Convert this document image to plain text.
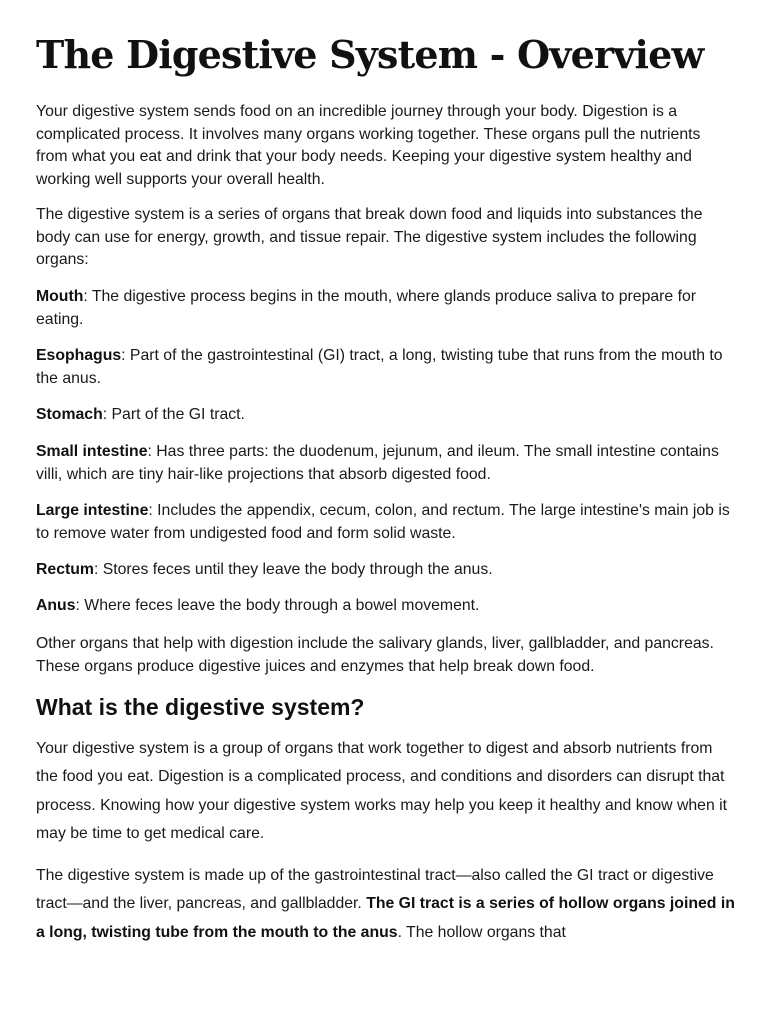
The Digestive System - Overview

Your digestive system sends food on an incredible journey through your body. Digestion is a complicated process. It involves many organs working together. These organs pull the nutrients from what you eat and drink that your body needs. Keeping your digestive system healthy and working well supports your overall health.

The digestive system is a series of organs that break down food and liquids into substances the body can use for energy, growth, and tissue repair. The digestive system includes the following organs:

Mouth: The digestive process begins in the mouth, where glands produce saliva to prepare for eating.

Esophagus: Part of the gastrointestinal (GI) tract, a long, twisting tube that runs from the mouth to the anus.

Stomach: Part of the GI tract.

Small intestine: Has three parts: the duodenum, jejunum, and ileum. The small intestine contains villi, which are tiny hair-like projections that absorb digested food.

Large intestine: Includes the appendix, cecum, colon, and rectum. The large intestine's main job is to remove water from undigested food and form solid waste.

Rectum: Stores feces until they leave the body through the anus.

Anus: Where feces leave the body through a bowel movement.

Other organs that help with digestion include the salivary glands, liver, gallbladder, and pancreas. These organs produce digestive juices and enzymes that help break down food.

What is the digestive system?

Your digestive system is a group of organs that work together to digest and absorb nutrients from the food you eat. Digestion is a complicated process, and conditions and disorders can disrupt that process. Knowing how your digestive system works may help you keep it healthy and know when it may be time to get medical care.

The digestive system is made up of the gastrointestinal tract—also called the GI tract or digestive tract—and the liver, pancreas, and gallbladder. The GI tract is a series of hollow organs joined in a long, twisting tube from the mouth to the anus. The hollow organs that
